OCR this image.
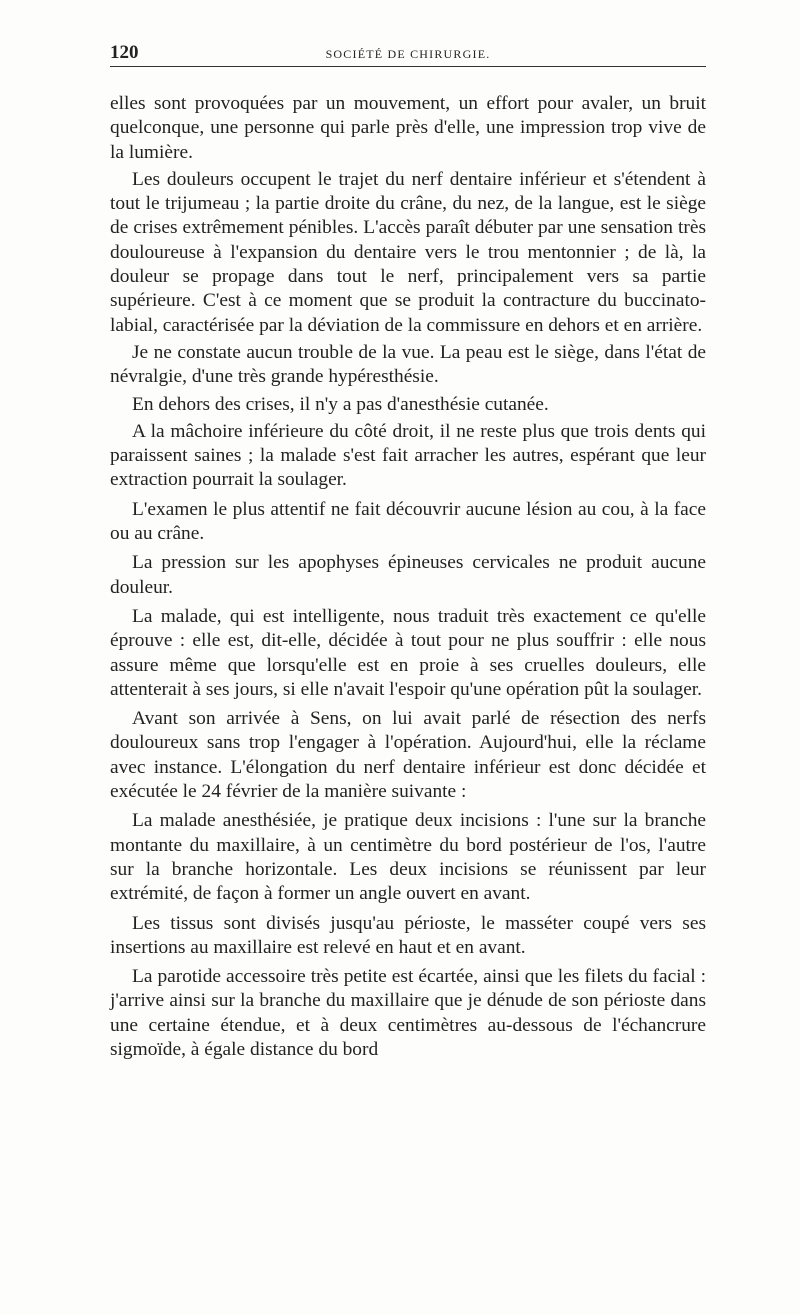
120	SOCIÉTÉ DE CHIRURGIE.

elles sont provoquées par un mouvement, un effort pour avaler, un bruit quelconque, une personne qui parle près d'elle, une impression trop vive de la lumière.

Les douleurs occupent le trajet du nerf dentaire inférieur et s'étendent à tout le trijumeau ; la partie droite du crâne, du nez, de la langue, est le siège de crises extrêmement pénibles. L'accès paraît débuter par une sensation très douloureuse à l'expansion du dentaire vers le trou mentonnier ; de là, la douleur se propage dans tout le nerf, principalement vers sa partie supérieure. C'est à ce moment que se produit la contracture du buccinato-labial, caractérisée par la déviation de la commissure en dehors et en arrière.

Je ne constate aucun trouble de la vue. La peau est le siège, dans l'état de névralgie, d'une très grande hypéresthésie.

En dehors des crises, il n'y a pas d'anesthésie cutanée.

A la mâchoire inférieure du côté droit, il ne reste plus que trois dents qui paraissent saines ; la malade s'est fait arracher les autres, espérant que leur extraction pourrait la soulager.

L'examen le plus attentif ne fait découvrir aucune lésion au cou, à la face ou au crâne.

La pression sur les apophyses épineuses cervicales ne produit aucune douleur.

La malade, qui est intelligente, nous traduit très exactement ce qu'elle éprouve : elle est, dit-elle, décidée à tout pour ne plus souffrir : elle nous assure même que lorsqu'elle est en proie à ses cruelles douleurs, elle attenterait à ses jours, si elle n'avait l'espoir qu'une opération pût la soulager.

Avant son arrivée à Sens, on lui avait parlé de résection des nerfs douloureux sans trop l'engager à l'opération. Aujourd'hui, elle la réclame avec instance. L'élongation du nerf dentaire inférieur est donc décidée et exécutée le 24 février de la manière suivante :

La malade anesthésiée, je pratique deux incisions : l'une sur la branche montante du maxillaire, à un centimètre du bord postérieur de l'os, l'autre sur la branche horizontale. Les deux incisions se réunissent par leur extrémité, de façon à former un angle ouvert en avant.

Les tissus sont divisés jusqu'au périoste, le masséter coupé vers ses insertions au maxillaire est relevé en haut et en avant.

La parotide accessoire très petite est écartée, ainsi que les filets du facial : j'arrive ainsi sur la branche du maxillaire que je dénude de son périoste dans une certaine étendue, et à deux centimètres au-dessous de l'échancrure sigmoïde, à égale distance du bord
